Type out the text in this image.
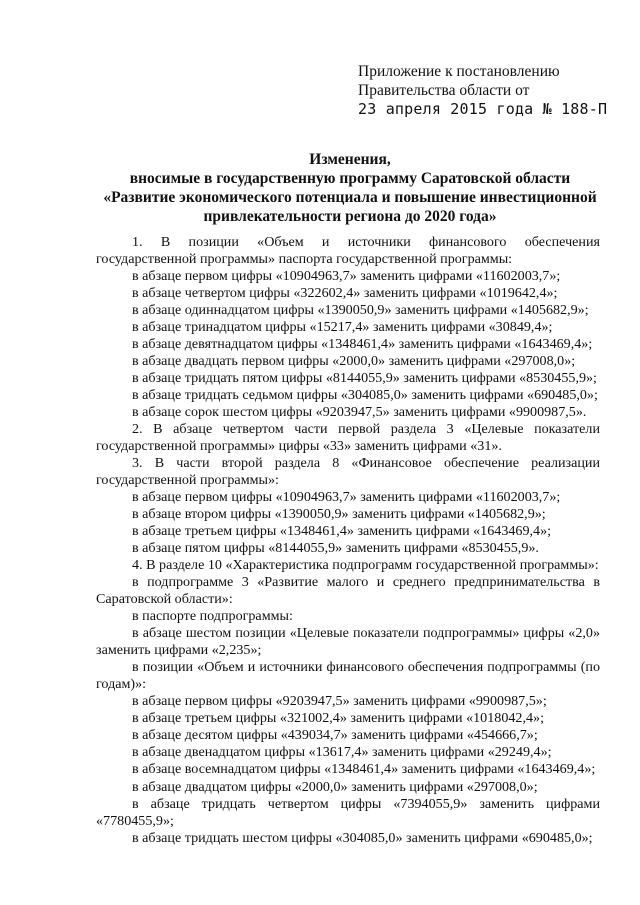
Приложение к постановлению
Правительства области от
23 апреля 2015 года № 188-П
Изменения,
вносимые в государственную программу Саратовской области
«Развитие экономического потенциала и повышение инвестиционной
привлекательности региона до 2020 года»

1. В позиции «Объем и источники финансового обеспечения государственной программы» паспорта государственной программы:

в абзаце первом цифры «10904963,7» заменить цифрами «11602003,7»;

в абзаце четвертом цифры «322602,4» заменить цифрами «1019642,4»;

в абзаце одиннадцатом цифры «1390050,9» заменить цифрами «1405682,9»;

в абзаце тринадцатом цифры «15217,4» заменить цифрами «30849,4»;

в абзаце девятнадцатом цифры «1348461,4» заменить цифрами «1643469,4»;

в абзаце двадцать первом цифры «2000,0» заменить цифрами «297008,0»;

в абзаце тридцать пятом цифры «8144055,9» заменить цифрами «8530455,9»;

в абзаце тридцать седьмом цифры «304085,0» заменить цифрами «690485,0»;

в абзаце сорок шестом цифры «9203947,5» заменить цифрами «9900987,5».

2. В абзаце четвертом части первой раздела 3 «Целевые показатели государственной программы» цифры «33» заменить цифрами «31».

3. В части второй раздела 8 «Финансовое обеспечение реализации государственной программы»:

в абзаце первом цифры «10904963,7» заменить цифрами «11602003,7»;

в абзаце втором цифры «1390050,9» заменить цифрами «1405682,9»;

в абзаце третьем цифры «1348461,4» заменить цифрами «1643469,4»;

в абзаце пятом цифры «8144055,9» заменить цифрами «8530455,9».

4. В разделе 10 «Характеристика подпрограмм государственной программы»:

в подпрограмме 3 «Развитие малого и среднего предпринимательства в Саратовской области»:

в паспорте подпрограммы:

в абзаце шестом позиции «Целевые показатели подпрограммы» цифры «2,0» заменить цифрами «2,235»;

в позиции «Объем и источники финансового обеспечения подпрограммы (по годам)»:

в абзаце первом цифры «9203947,5» заменить цифрами «9900987,5»;

в абзаце третьем цифры «321002,4» заменить цифрами «1018042,4»;

в абзаце десятом цифры «439034,7» заменить цифрами «454666,7»;

в абзаце двенадцатом цифры «13617,4» заменить цифрами «29249,4»;

в абзаце восемнадцатом цифры «1348461,4» заменить цифрами «1643469,4»;

в абзаце двадцатом цифры «2000,0» заменить цифрами «297008,0»;

в абзаце тридцать четвертом цифры «7394055,9» заменить цифрами «7780455,9»;

в абзаце тридцать шестом цифры «304085,0» заменить цифрами «690485,0»;
